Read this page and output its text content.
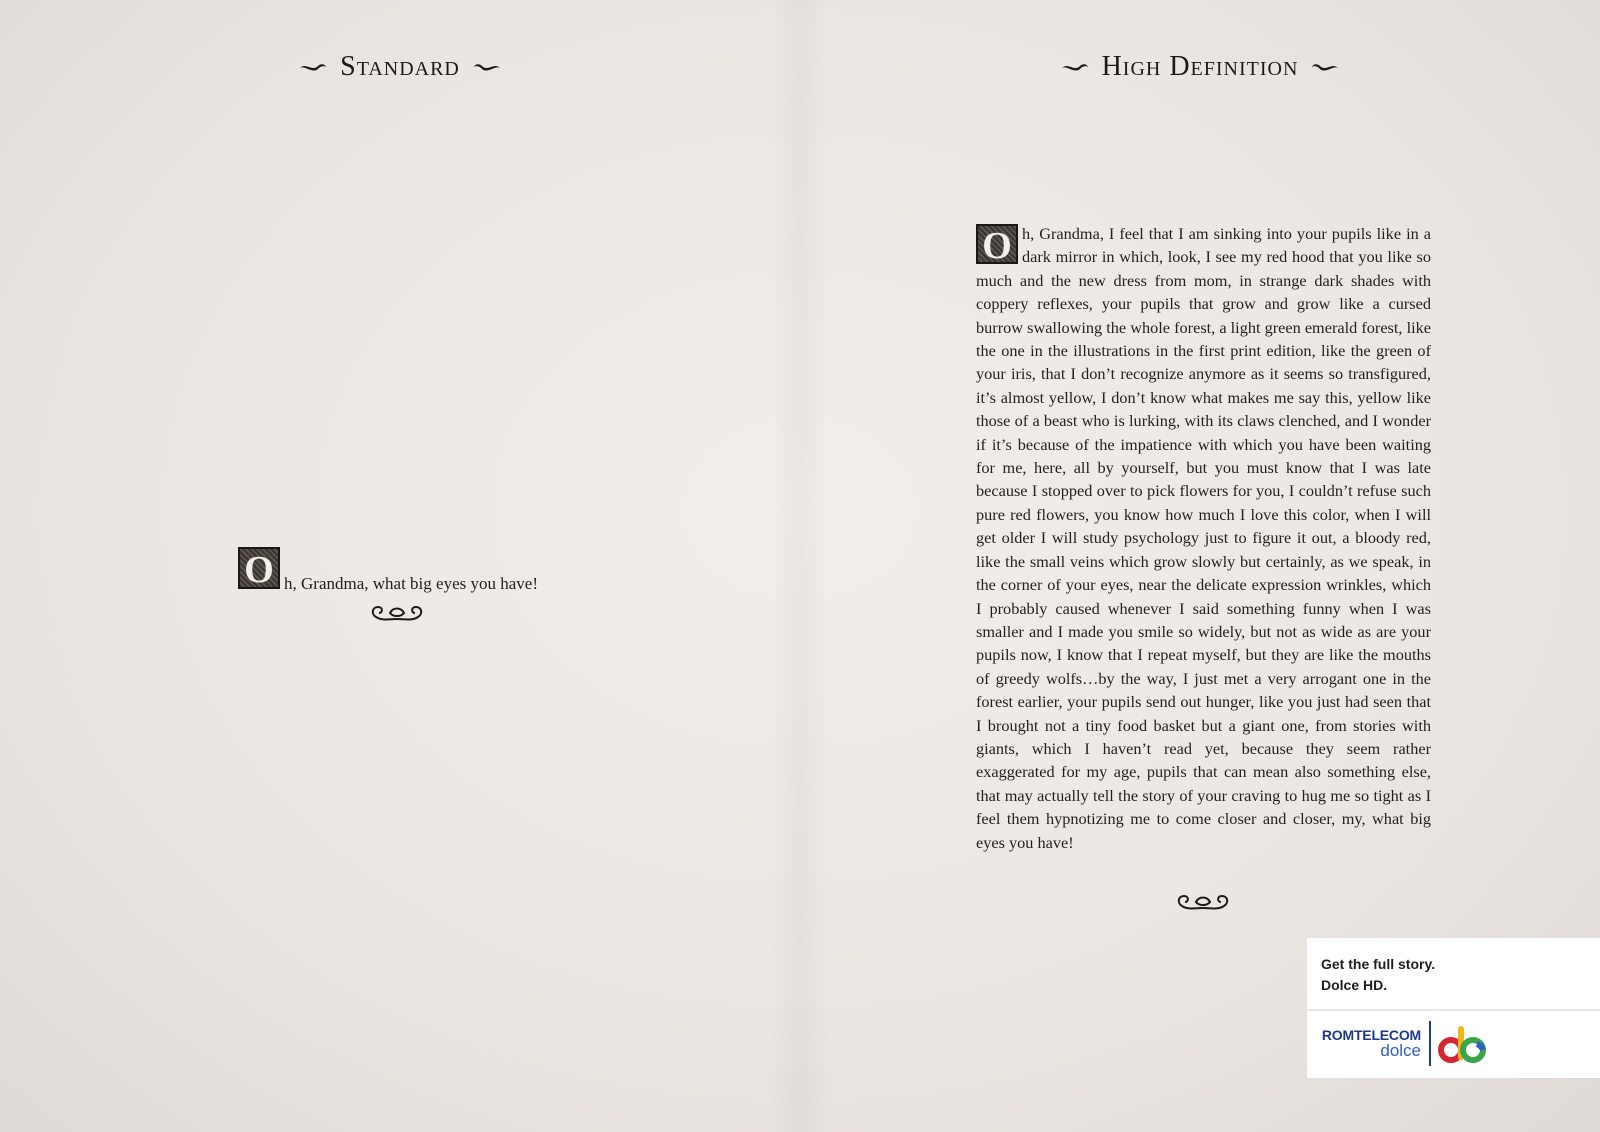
Standard	High Definition
O h, Grandma, what big eyes you have!
O h, Grandma, I feel that I am sinking into your pupils like in a dark mirror in which, look, I see my red hood that you like so much and the new dress from mom, in strange dark shades with coppery reflexes, your pupils that grow and grow like a cursed burrow swallowing the whole forest, a light green emerald forest, like the one in the illustrations in the first print edition, like the green of your iris, that I don’t recognize anymore as it seems so transfigured, it’s almost yellow, I don’t know what makes me say this, yellow like those of a beast who is lurking, with its claws clenched, and I wonder if it’s because of the impatience with which you have been waiting for me, here, all by yourself, but you must know that I was late because I stopped over to pick flowers for you, I couldn’t refuse such pure red flowers, you know how much I love this color, when I will get older I will study psychology just to figure it out, a bloody red, like the small veins which grow slowly but certainly, as we speak, in the corner of your eyes, near the delicate expression wrinkles, which I probably caused whenever I said something funny when I was smaller and I made you smile so widely, but not as wide as are your pupils now, I know that I repeat myself, but they are like the mouths of greedy wolfs…by the way, I just met a very arrogant one in the forest earlier, your pupils send out hunger, like you just had seen that I brought not a tiny food basket but a giant one, from stories with giants, which I haven’t read yet, because they seem rather exaggerated for my age, pupils that can mean also something else, that may actually tell the story of your craving to hug me so tight as I feel them hypnotizing me to come closer and closer, my, what big eyes you have!
Get the full story.
Dolce HD.
ROMTELECOM
dolce
